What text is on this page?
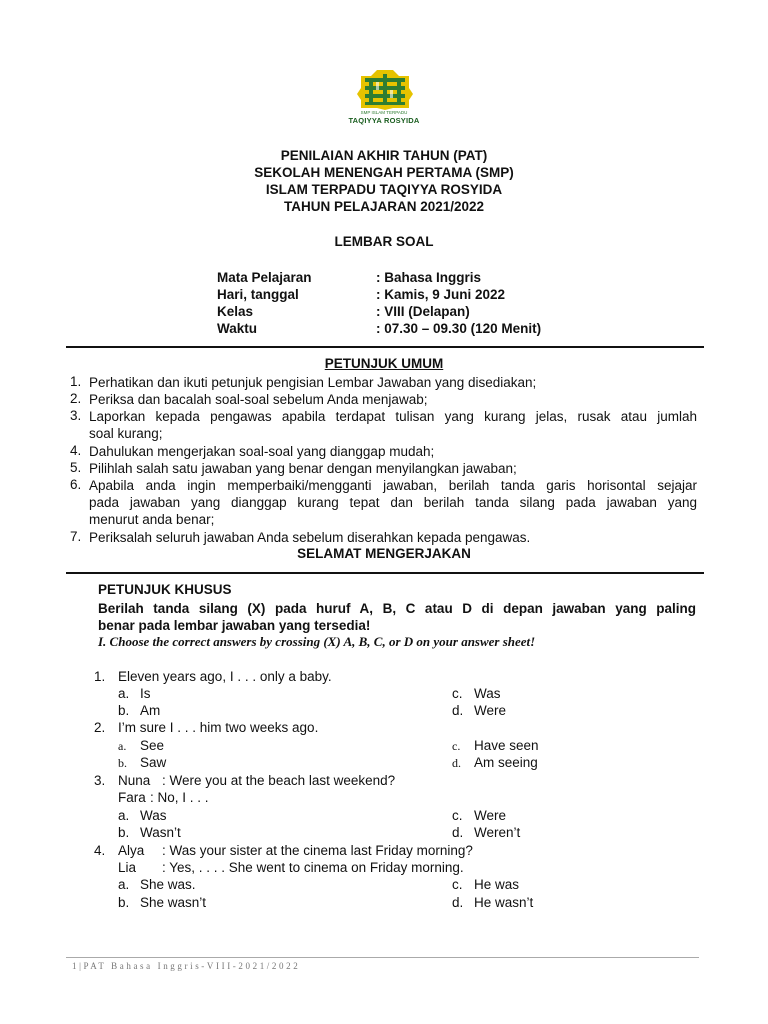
SMP ISLAM TERPADU
TAQIYYA ROSYIDA
PENILAIAN AKHIR TAHUN (PAT)
SEKOLAH MENENGAH PERTAMA (SMP)
ISLAM TERPADU TAQIYYA ROSYIDA
TAHUN PELAJARAN 2021/2022
LEMBAR SOAL
Mata Pelajaran	: Bahasa Inggris
Hari, tanggal	: Kamis, 9 Juni 2022
Kelas	: VIII (Delapan)
Waktu	: 07.30 – 09.30 (120 Menit)
PETUNJUK UMUM
1. Perhatikan dan ikuti petunjuk pengisian Lembar Jawaban yang disediakan;
2. Periksa dan bacalah soal-soal sebelum Anda menjawab;
3. Laporkan kepada pengawas apabila terdapat tulisan yang kurang jelas, rusak atau jumlah
soal kurang;
4. Dahulukan mengerjakan soal-soal yang dianggap mudah;
5. Pilihlah salah satu jawaban yang benar dengan menyilangkan jawaban;
6. Apabila anda ingin memperbaiki/mengganti jawaban, berilah tanda garis horisontal sejajar
pada jawaban yang dianggap kurang tepat dan berilah tanda silang pada jawaban yang
menurut anda benar;
7. Periksalah seluruh jawaban Anda sebelum diserahkan kepada pengawas.
SELAMAT MENGERJAKAN
PETUNJUK KHUSUS
Berilah tanda silang (X) pada huruf A, B, C atau D di depan jawaban yang paling
benar pada lembar jawaban yang tersedia!
I. Choose the correct answers by crossing (X) A, B, C, or D on your answer sheet!
1. Eleven years ago, I . . . only a baby.
a. Is	c. Was
b. Am	d. Were
2. I’m sure I . . . him two weeks ago.
a. See	c. Have seen
b. Saw	d. Am seeing
3. Nuna : Were you at the beach last weekend?
Fara : No, I . . .
a. Was	c. Were
b. Wasn’t	d. Weren’t
4. Alya : Was your sister at the cinema last Friday morning?
Lia : Yes, . . . . She went to cinema on Friday morning.
a. She was.	c. He was
b. She wasn’t	d. He wasn’t
1|PAT Bahasa Inggris-VIII-2021/2022
